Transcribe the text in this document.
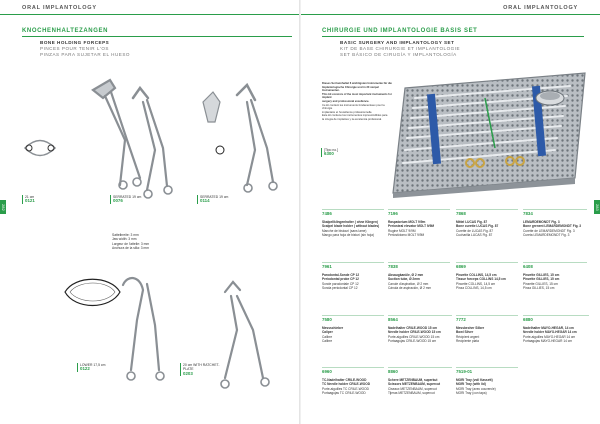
ORAL IMPLANTOLOGY
282
KNOCHENHALTEZANGEN
BONE HOLDING FORCEPS
PINCES POUR TENIR L'OS
PINZAS PARA SUJETAR EL HUESO
21 cm
0121
SERRATED 19 cm
0076
SERRATED 19 cm
0114
Sattelbreite: 3 mm
Jaw width: 3 mm
Largeur de l'attelle: 3 mm
Anchura de la silla: 3 mm
LOWER 17,5 cm
0122
20 cm WITH RATCHET-PLATE
0203
ORAL IMPLANTOLOGY
283
CHIRURGIE UND IMPLANTOLOGIE BASIS SET
BASIC SURGERY AND IMPLANTOLOGY SET
KIT DE BASE CHIRURGIE ET IMPLANTOLOGIE
SET BÁSICO DE CIRUGÍA Y IMPLANTOLOGÍA
Dieses Set beinhaltet 6 wichtigsten Instrumente für die
Implantologische Chirurgie und in 30 sterpel Instrumenten.
This kit consists of the most important instruments for implant
surgery and professional excellence.
Ce kit contient les instruments fondamentaux pour la chirurgie
implantaire et l'excellence professionnelle.
Este kit contiene los instrumentos imprescindibles para
la cirugía de implantes y la excelencia profesional.
[Tipo no.]
6300
7486
Skalpellklingenhalter ( ohne Klingen)
Scalpel blade holder ( without blades)
Manche de bistouri (sans lame)
Mango para hoja de bisturí (sin hoja)
7196
Raspatorium MOLT 9/9m
Periosteal elevator MOLT 9/9M
Rugine MOLT 9/9M
Periostótomo MOLT 9/9M
7868
Mittel LUCAS Fig. 87
Bone curette LUCAS Fig. 87
Curette de LUCAS Fig. 87
Cucharilla LUCAS Fig. 87
7834
LEMARDEMONDT Fig. 3
Bone grenent LEMARDEMONDT Fig. 3
Curette de LEMARDEMONDT Fig. 3
Cureta LEMARDEMONDT Fig. 3
7961
Parodontal-Sonde CP 12
Periodontal probe CP 12
Sonde parodontale CP 12
Sonda periodontal CP 12
7838
Absaugkanüle, Ø 2 mm
Suction tube, Ø 2mm
Canule d'aspiration, Ø 2 mm
Cánula de aspiración, Ø 2 mm
6869
Pinzette COLLINS, 14,5 cm
Tissue forceps COLLINS 14,5 cm
Pincette COLLINS, 14,5 cm
Pinza COLLINS, 14,5 cm
6408
Pinzette GILLIES, 15 cm
Pinzette GILLIES, 15 cm
Pinzette GILLIES, 15 cm
Pinza GILLIES, 15 cm
7580
Messschieber
Caliper
Calibre
Calibre
8564
Nadelhalter CRILE-WOOD 15 cm
Needle holder CRILE-WOOD 15 cm
Porte-aiguilles CRILE-WOOD 15 cm
Portaagujas CRILE-WOOD 15 cm
7772
Messbecher Silber
Bowl Silver
Récipient argent
Recipiente plata
6880
Nadelhalter MAYO-HEGAR, 14 cm
Needle holder MAYO-HEGAR 14 cm
Porte-aiguilles MAYO-HEGAR 14 cm
Portaagujas MAYO-HEGAR 14 cm
6960
TC-Nadelhalter CRILE-WOOD
TC Needle holder CRILE-WOOD
Porte-aiguilles TC CRILE-WOOD
Portaagujas TC CRILE-WOOD
8860
Schere METZENBAUM, superkut
Scissors METZENBAUM, supercut
Ciseaux METZENBAUM, supercut
Tijeras METZENBAUM, supercut
7519-01
MORI Tray (voll Kassett)
MORI Tray (with lid)
MORI Tray (avec couvercle)
MORI Tray (con tapa)
